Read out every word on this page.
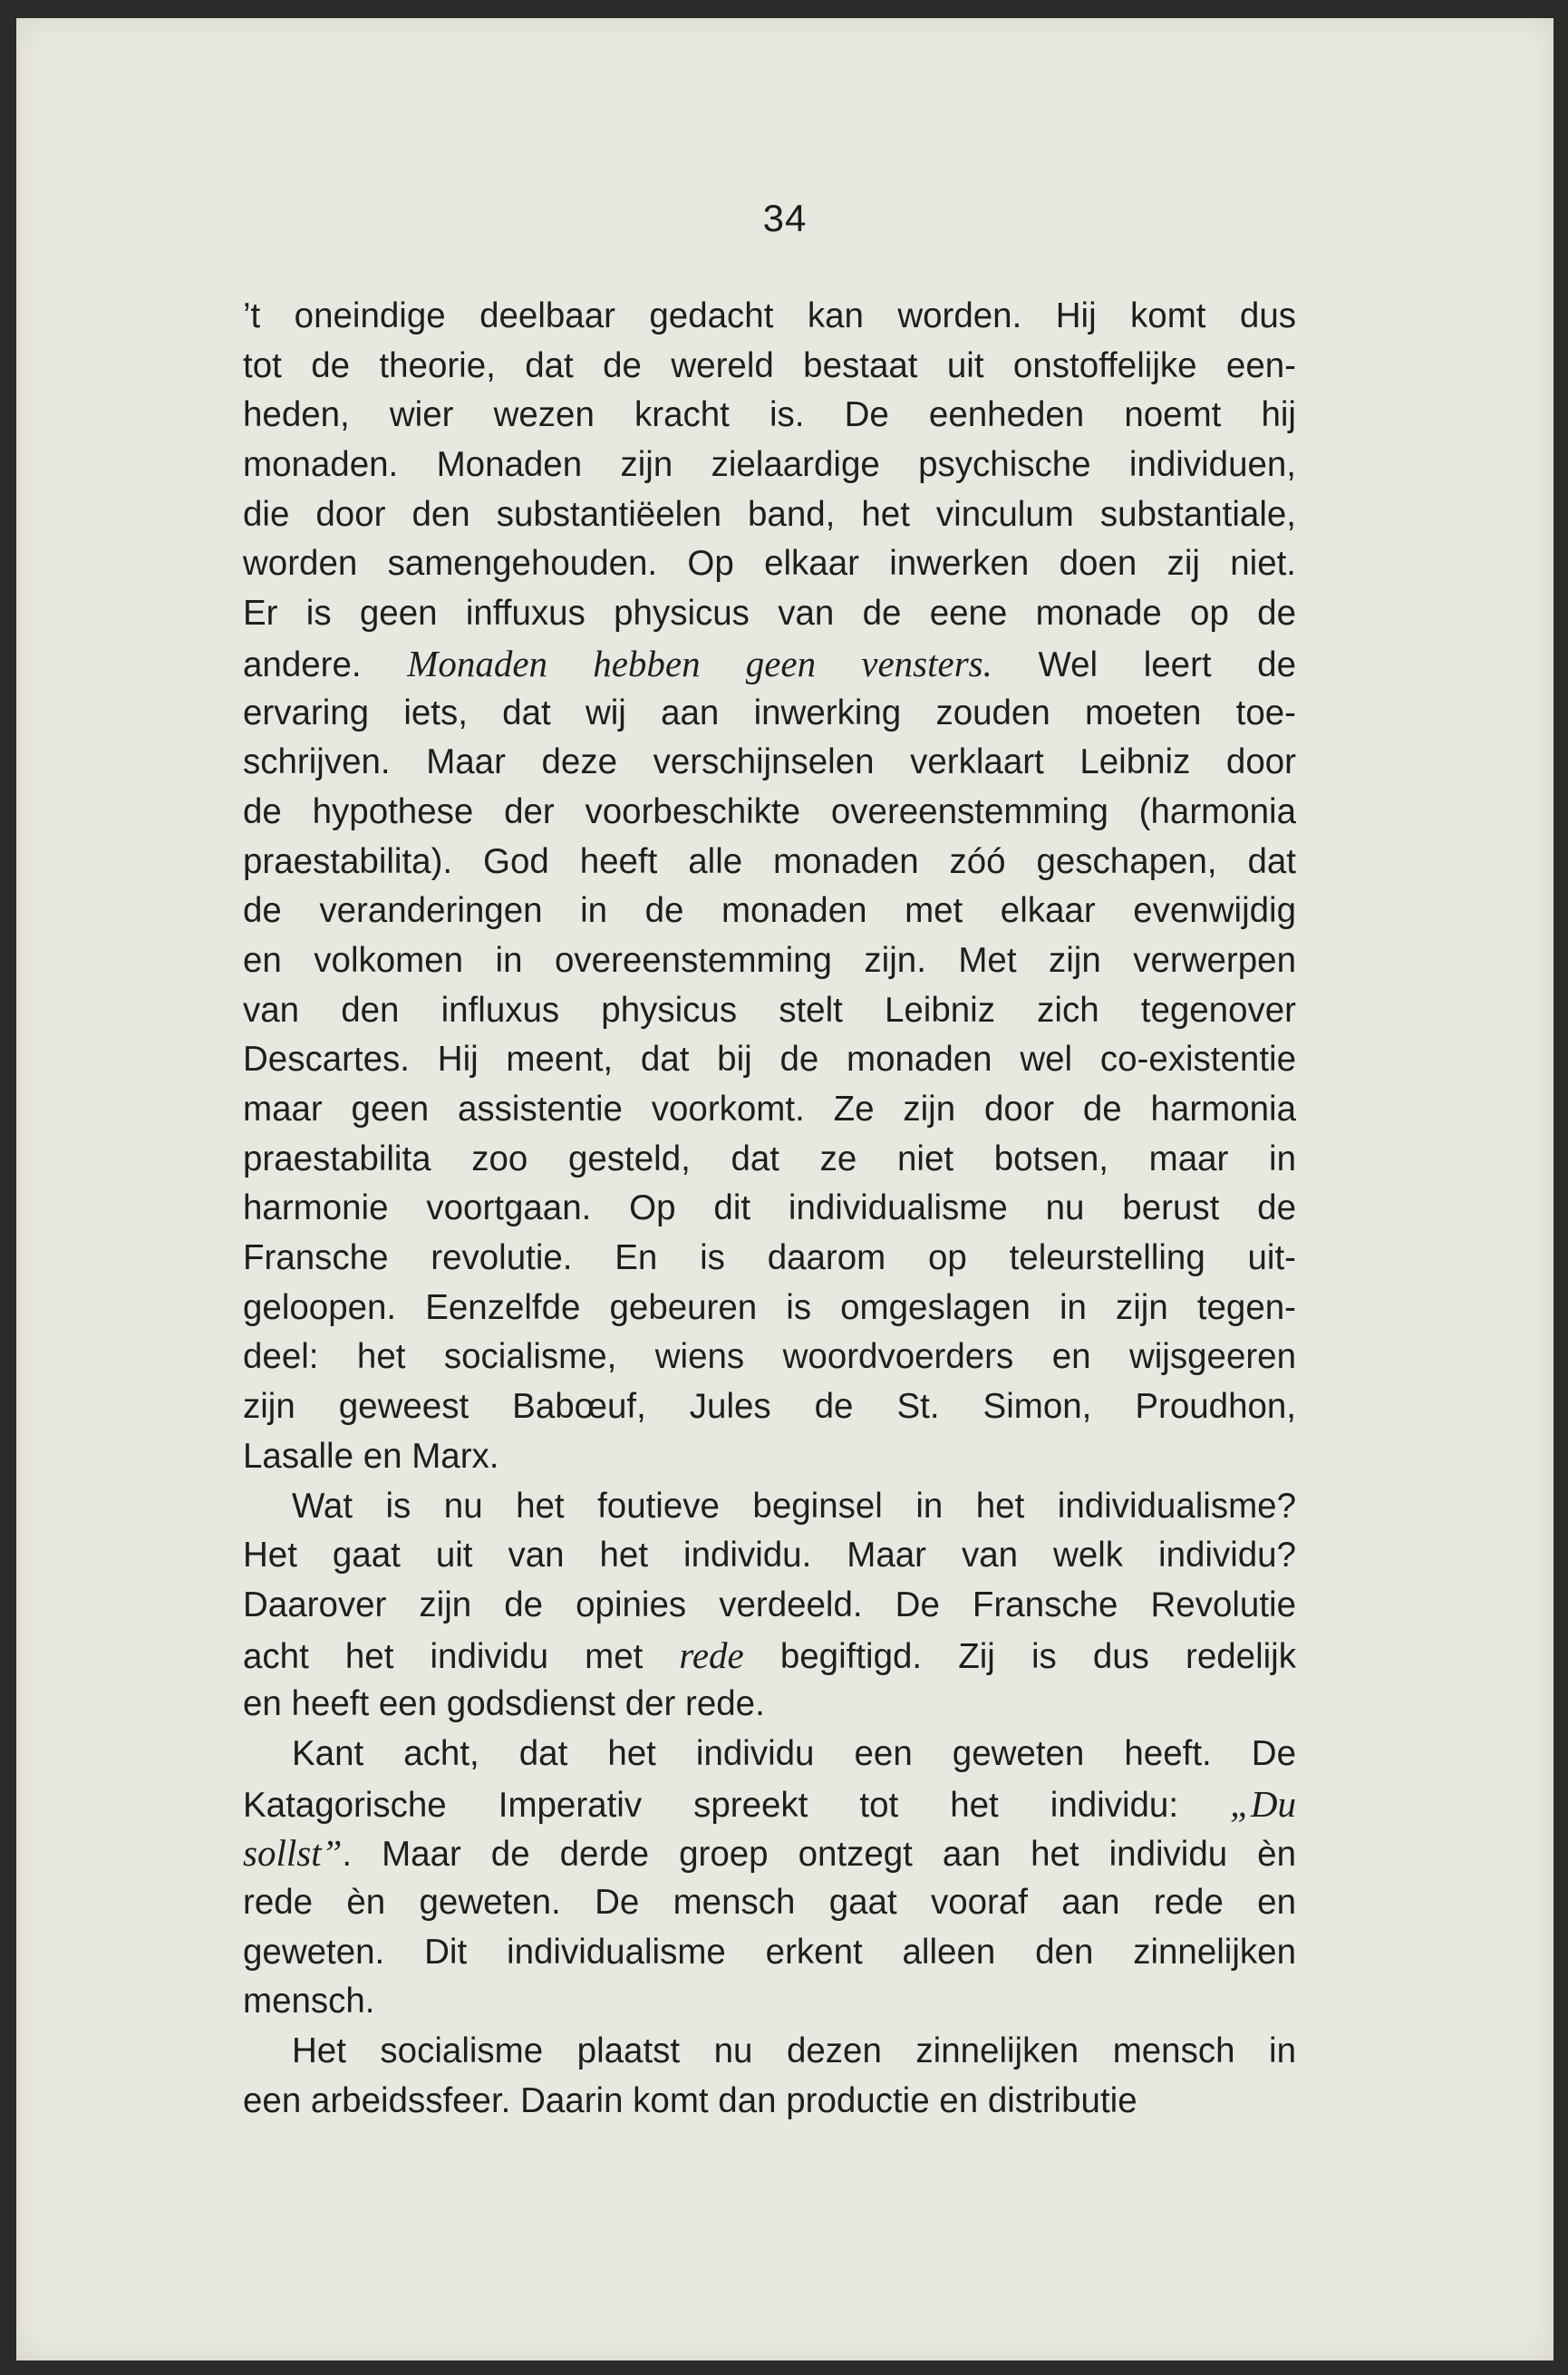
34

’t oneindige deelbaar gedacht kan worden. Hij komt dus
tot de theorie, dat de wereld bestaat uit onstoffelijke een-
heden, wier wezen kracht is. De eenheden noemt hij
monaden. Monaden zijn zielaardige psychische individuen,
die door den substantiëelen band, het vinculum substantiale,
worden samengehouden. Op elkaar inwerken doen zij niet.
Er is geen inffuxus physicus van de eene monade op de
andere. Monaden hebben geen vensters. Wel leert de
ervaring iets, dat wij aan inwerking zouden moeten toe-
schrijven. Maar deze verschijnselen verklaart Leibniz door
de hypothese der voorbeschikte overeenstemming (harmonia
praestabilita). God heeft alle monaden zóó geschapen, dat
de veranderingen in de monaden met elkaar evenwijdig
en volkomen in overeenstemming zijn. Met zijn verwerpen
van den influxus physicus stelt Leibniz zich tegenover
Descartes. Hij meent, dat bij de monaden wel co-existentie
maar geen assistentie voorkomt. Ze zijn door de harmonia
praestabilita zoo gesteld, dat ze niet botsen, maar in
harmonie voortgaan. Op dit individualisme nu berust de
Fransche revolutie. En is daarom op teleurstelling uit-
geloopen. Eenzelfde gebeuren is omgeslagen in zijn tegen-
deel: het socialisme, wiens woordvoerders en wijsgeeren
zijn geweest Babœuf, Jules de St. Simon, Proudhon,
Lasalle en Marx.

Wat is nu het foutieve beginsel in het individualisme?
Het gaat uit van het individu. Maar van welk individu?
Daarover zijn de opinies verdeeld. De Fransche Revolutie
acht het individu met rede begiftigd. Zij is dus redelijk
en heeft een godsdienst der rede.

Kant acht, dat het individu een geweten heeft. De
Katagorische Imperativ spreekt tot het individu: „Du
sollst”. Maar de derde groep ontzegt aan het individu èn
rede èn geweten. De mensch gaat vooraf aan rede en
geweten. Dit individualisme erkent alleen den zinnelijken
mensch.

Het socialisme plaatst nu dezen zinnelijken mensch in
een arbeidssfeer. Daarin komt dan productie en distributie
